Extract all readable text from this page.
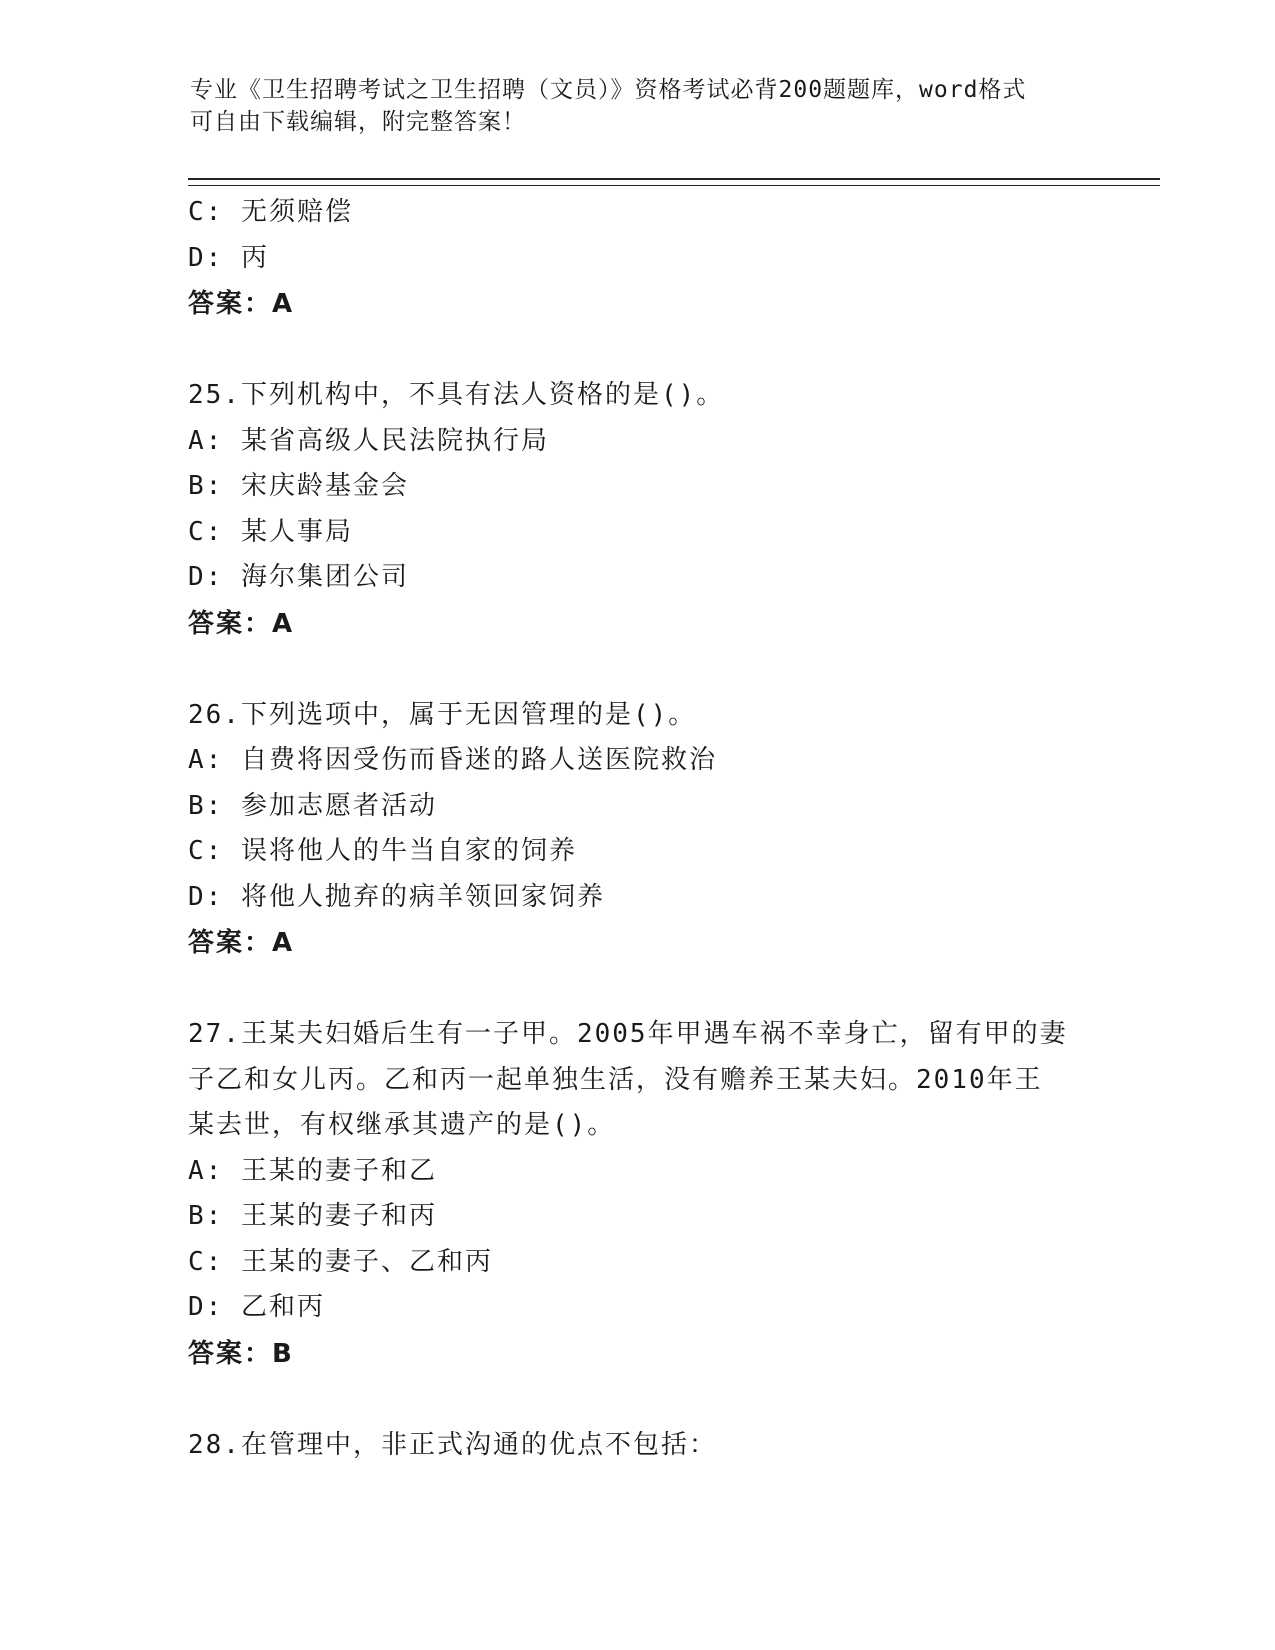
专业《卫生招聘考试之卫生招聘（文员）》资格考试必背200题题库，word格式
可自由下载编辑，附完整答案！
C: 无须赔偿
D: 丙
答案：A
25.下列机构中，不具有法人资格的是()。
A: 某省高级人民法院执行局
B: 宋庆龄基金会
C: 某人事局
D: 海尔集团公司
答案：A
26.下列选项中，属于无因管理的是()。
A: 自费将因受伤而昏迷的路人送医院救治
B: 参加志愿者活动
C: 误将他人的牛当自家的饲养
D: 将他人抛弃的病羊领回家饲养
答案：A
27.王某夫妇婚后生有一子甲。2005年甲遇车祸不幸身亡，留有甲的妻
子乙和女儿丙。乙和丙一起单独生活，没有赡养王某夫妇。2010年王
某去世，有权继承其遗产的是()。
A: 王某的妻子和乙
B: 王某的妻子和丙
C: 王某的妻子、乙和丙
D: 乙和丙
答案：B
28.在管理中，非正式沟通的优点不包括：
